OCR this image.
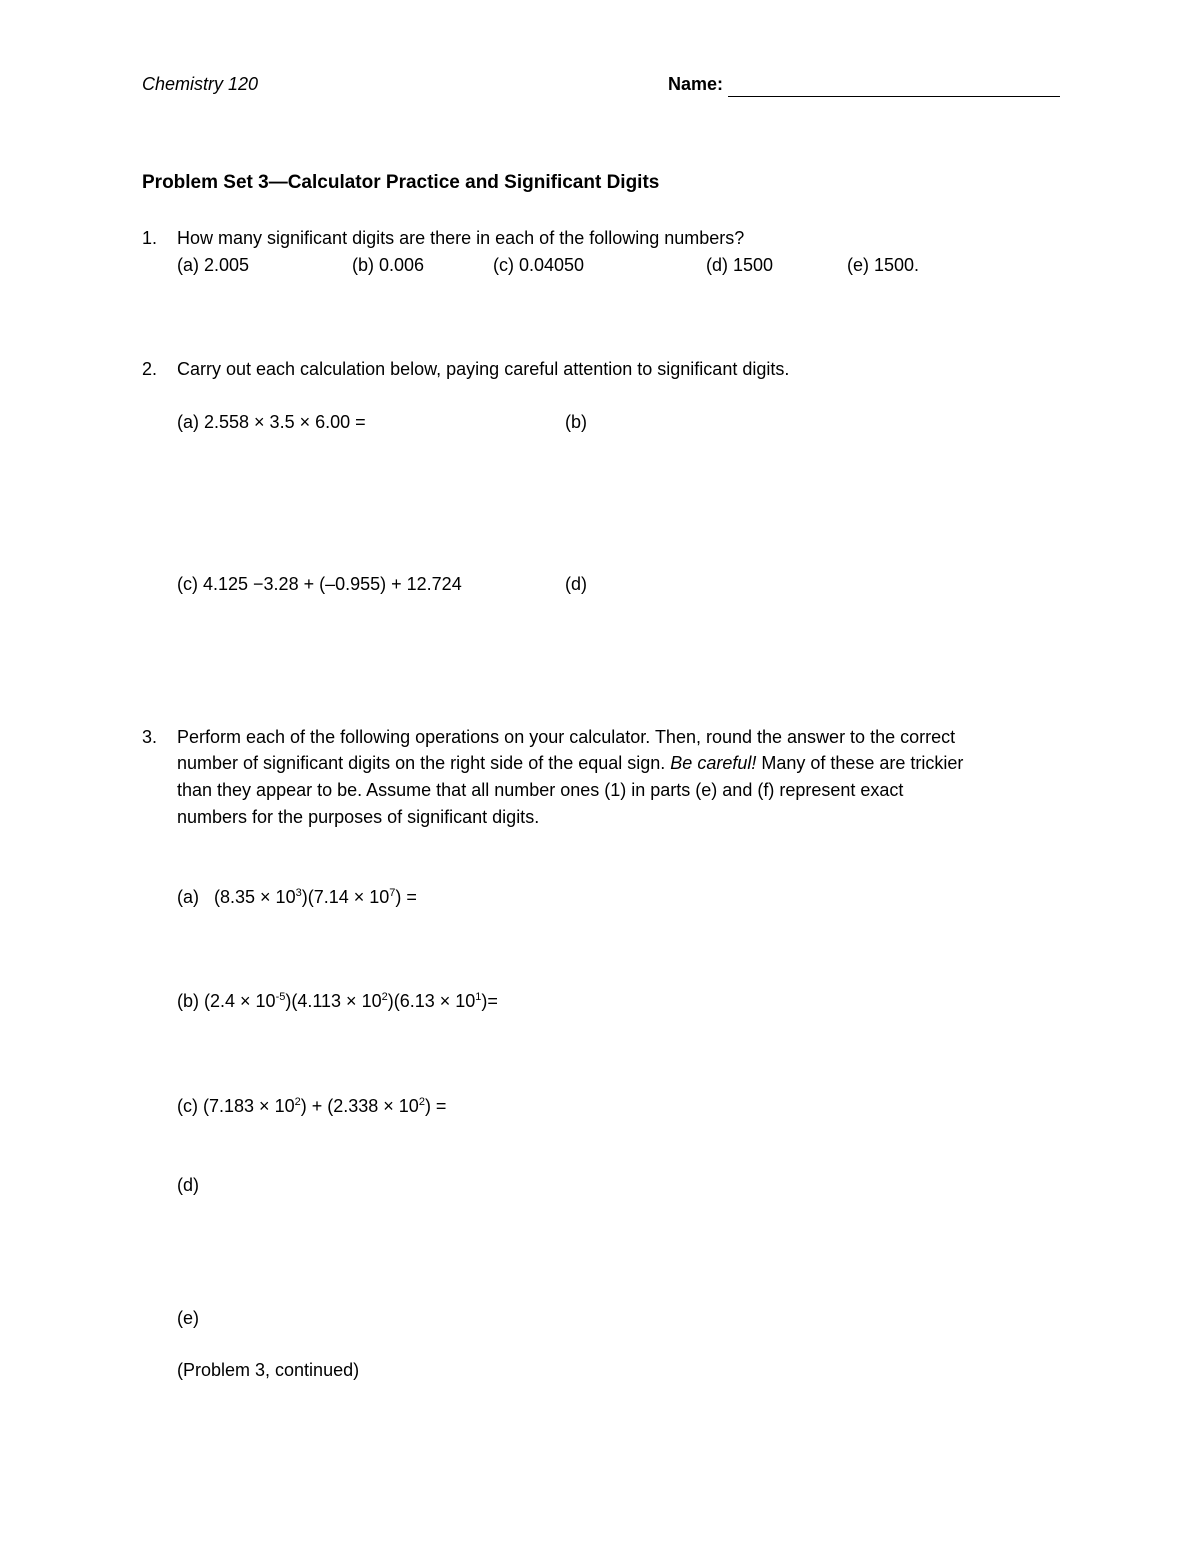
Chemistry 120	Name:
Problem Set 3—Calculator Practice and Significant Digits
1. How many significant digits are there in each of the following numbers?
(a) 2.005	(b) 0.006	(c) 0.04050	(d) 1500	(e) 1500.
2. Carry out each calculation below, paying careful attention to significant digits.
(a) 2.558 × 3.5 × 6.00 =	(b)
(c) 4.125 −3.28 + (–0.955) + 12.724	(d)
3. Perform each of the following operations on your calculator. Then, round the answer to the correct
number of significant digits on the right side of the equal sign. Be careful! Many of these are trickier
than they appear to be. Assume that all number ones (1) in parts (e) and (f) represent exact
numbers for the purposes of significant digits.
(a) $(8.35 \times 10^3)(7.14 \times 10^7)$ =
(b) $(2.4 \times 10^{-5})(4.113 \times 10^2)(6.13 \times 10^1)=$
(c) $(7.183 \times 10^2) + (2.338 \times 10^2)$ =
(d)
(e)
(Problem 3, continued)
